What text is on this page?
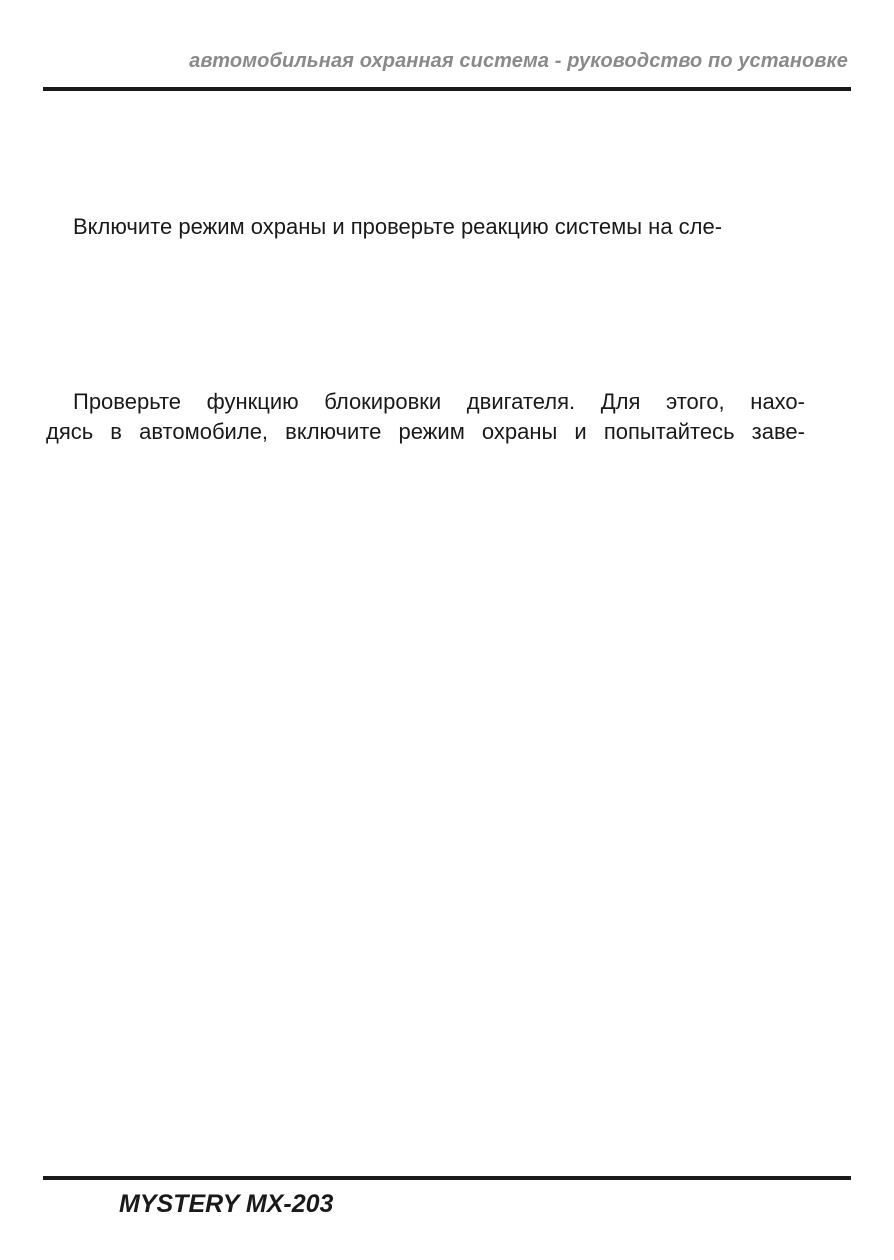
автомобильная охранная система - руководство по установке

Включите режим охраны и проверьте реакцию системы на сле-

Проверьте функцию блокировки двигателя. Для этого, нахо-
дясь в автомобиле, включите режим охраны и попытайтесь заве-

MYSTERY MX-203
